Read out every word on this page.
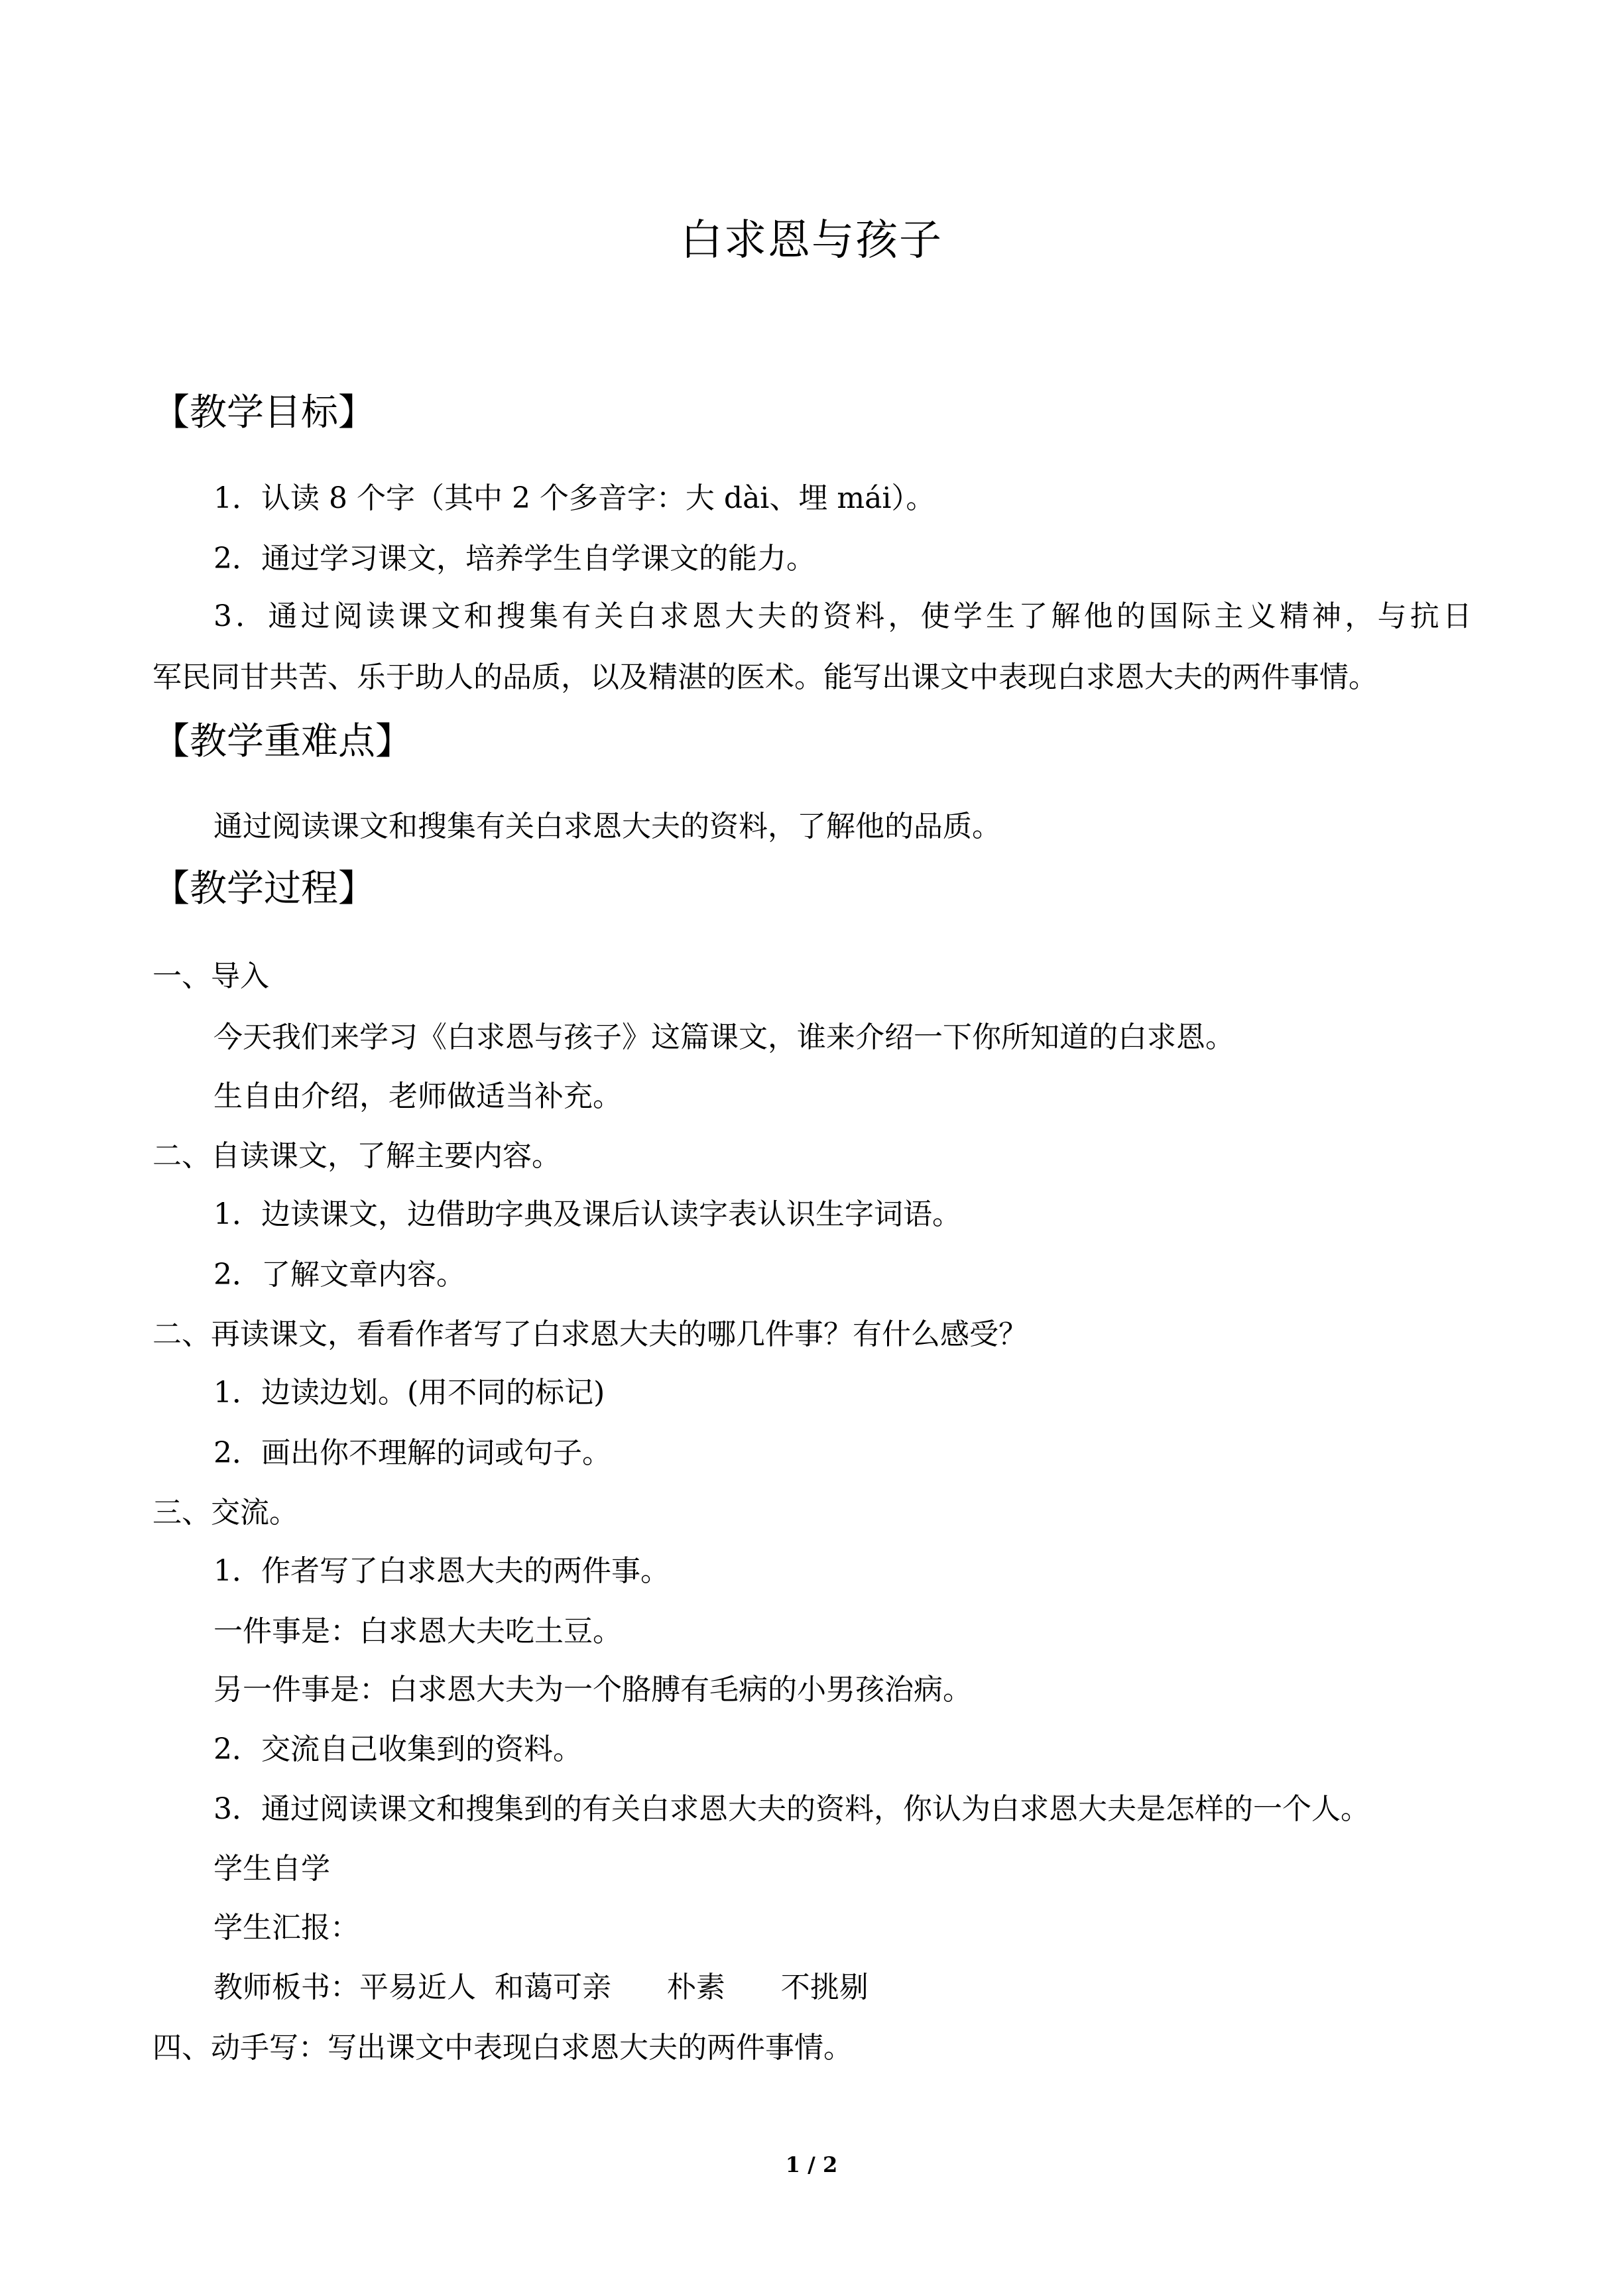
白求恩与孩子
【教学目标】
1．认读 8 个字（其中 2 个多音字：大 dài、埋 mái）。
2．通过学习课文，培养学生自学课文的能力。
3．通过阅读课文和搜集有关白求恩大夫的资料，使学生了解他的国际主义精神，与抗日
军民同甘共苦、乐于助人的品质，以及精湛的医术。能写出课文中表现白求恩大夫的两件事情。
【教学重难点】
通过阅读课文和搜集有关白求恩大夫的资料，了解他的品质。
【教学过程】
一、导入
今天我们来学习《白求恩与孩子》这篇课文，谁来介绍一下你所知道的白求恩。
生自由介绍，老师做适当补充。
二、自读课文，了解主要内容。
1．边读课文，边借助字典及课后认读字表认识生字词语。
2．了解文章内容。
二、再读课文，看看作者写了白求恩大夫的哪几件事？有什么感受？
1．边读边划。(用不同的标记)
2．画出你不理解的词或句子。
三、交流。
1．作者写了白求恩大夫的两件事。
一件事是：白求恩大夫吃土豆。
另一件事是：白求恩大夫为一个胳膊有毛病的小男孩治病。
2．交流自己收集到的资料。
3．通过阅读课文和搜集到的有关白求恩大夫的资料，你认为白求恩大夫是怎样的一个人。
学生自学
学生汇报：
教师板书：平易近人  和蔼可亲      朴素      不挑剔
四、动手写：写出课文中表现白求恩大夫的两件事情。
1 / 2
